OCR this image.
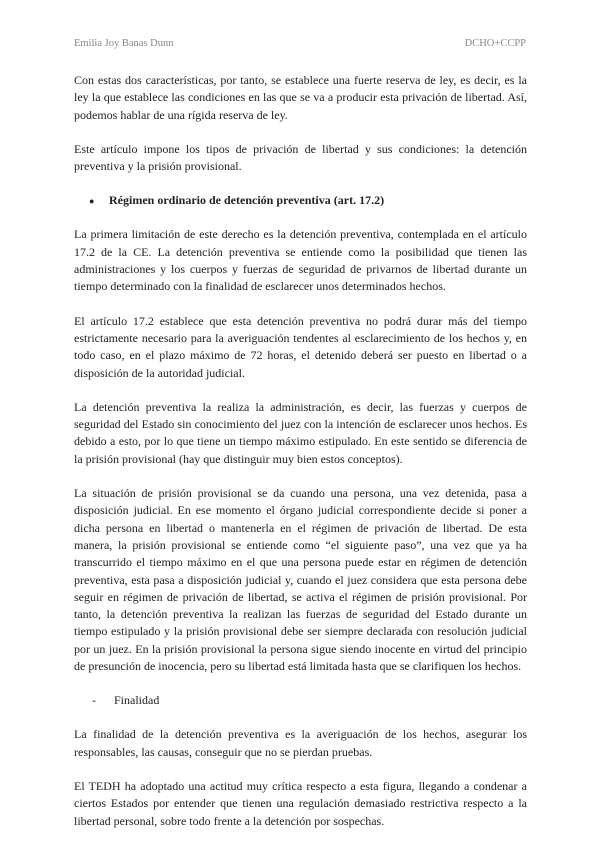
Emilia Joy Banas Dunn	DCHO+CCPP

Con estas dos características, por tanto, se establece una fuerte reserva de ley, es decir, es la ley la que establece las condiciones en las que se va a producir esta privación de libertad. Así, podemos hablar de una rígida reserva de ley.

Este artículo impone los tipos de privación de libertad y sus condiciones: la detención preventiva y la prisión provisional.

●	Régimen ordinario de detención preventiva (art. 17.2)

La primera limitación de este derecho es la detención preventiva, contemplada en el artículo 17.2 de la CE. La detención preventiva se entiende como la posibilidad que tienen las administraciones y los cuerpos y fuerzas de seguridad de privarnos de libertad durante un tiempo determinado con la finalidad de esclarecer unos determinados hechos.

El artículo 17.2 establece que esta detención preventiva no podrá durar más del tiempo estrictamente necesario para la averiguación tendentes al esclarecimiento de los hechos y, en todo caso, en el plazo máximo de 72 horas, el detenido deberá ser puesto en libertad o a disposición de la autoridad judicial.

La detención preventiva la realiza la administración, es decir, las fuerzas y cuerpos de seguridad del Estado sin conocimiento del juez con la intención de esclarecer unos hechos. Es debido a esto, por lo que tiene un tiempo máximo estipulado. En este sentido se diferencia de la prisión provisional (hay que distinguir muy bien estos conceptos).

La situación de prisión provisional se da cuando una persona, una vez detenida, pasa a disposición judicial. En ese momento el órgano judicial correspondiente decide si poner a dicha persona en libertad o mantenerla en el régimen de privación de libertad. De esta manera, la prisión provisional se entiende como “el siguiente paso”, una vez que ya ha transcurrido el tiempo máximo en el que una persona puede estar en régimen de detención preventiva, esta pasa a disposición judicial y, cuando el juez considera que esta persona debe seguir en régimen de privación de libertad, se activa el régimen de prisión provisional. Por tanto, la detención preventiva la realizan las fuerzas de seguridad del Estado durante un tiempo estipulado y la prisión provisional debe ser siempre declarada con resolución judicial por un juez. En la prisión provisional la persona sigue siendo inocente en virtud del principio de presunción de inocencia, pero su libertad está limitada hasta que se clarifiquen los hechos.

-	Finalidad

La finalidad de la detención preventiva es la averiguación de los hechos, asegurar los responsables, las causas, conseguir que no se pierdan pruebas.

El TEDH ha adoptado una actitud muy crítica respecto a esta figura, llegando a condenar a ciertos Estados por entender que tienen una regulación demasiado restrictiva respecto a la libertad personal, sobre todo frente a la detención por sospechas.
